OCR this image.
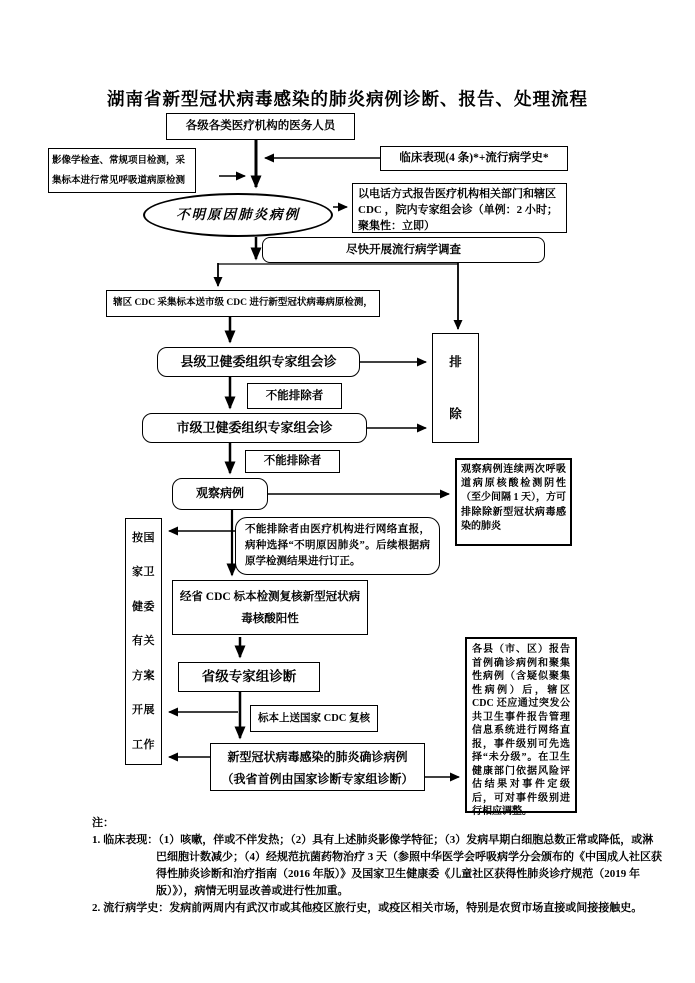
湖南省新型冠状病毒感染的肺炎病例诊断、报告、处理流程
各级各类医疗机构的医务人员
影像学检查、常规项目检测，采集标本进行常见呼吸道病原检测
临床表现(4 条)*+流行病学史*
不明原因肺炎病例
以电话方式报告医疗机构相关部门和辖区 CDC ，院内专家组会诊（单例：2 小时；聚集性：立即）
尽快开展流行病学调查
辖区 CDC 采集标本送市级 CDC 进行新型冠状病毒病原检测，
县级卫健委组织专家组会诊
不能排除者
市级卫健委组织专家组会诊
不能排除者
排除
观察病例
观察病例连续两次呼吸道病原核酸检测阴性（至少间隔 1 天），方可排除除新型冠状病毒感染的肺炎
不能排除者由医疗机构进行网络直报，病种选择“不明原因肺炎”。后续根据病原学检测结果进行订正。
按国家卫健委有关方案开展工作
经省 CDC 标本检测复核新型冠状病毒核酸阳性
省级专家组诊断
标本上送国家 CDC 复核
新型冠状病毒感染的肺炎确诊病例
（我省首例由国家诊断专家组诊断）
各县（市、区）报告首例确诊病例和聚集性病例（含疑似聚集性病例）后，辖区 CDC 还应通过突发公共卫生事件报告管理信息系统进行网络直报，事件级别可先选择“未分级”。在卫生健康部门依据风险评估结果对事件定级后，可对事件级别进行相应调整。
注：
1. 临床表现：（1）咳嗽，伴或不伴发热；（2）具有上述肺炎影像学特征；（3）发病早期白细胞总数正常或降低，或淋巴细胞计数减少；（4）经规范抗菌药物治疗 3 天（参照中华医学会呼吸病学分会颁布的《中国成人社区获得性肺炎诊断和治疗指南（2016 年版）》及国家卫生健康委《儿童社区获得性肺炎诊疗规范（2019 年版）》），病情无明显改善或进行性加重。
2. 流行病学史：发病前两周内有武汉市或其他疫区旅行史，或疫区相关市场，特别是农贸市场直接或间接接触史。
